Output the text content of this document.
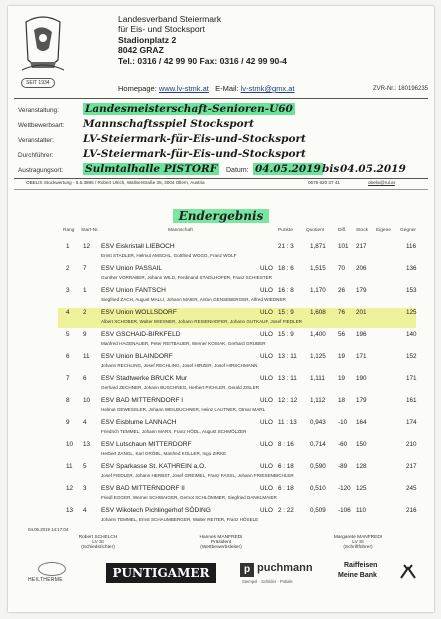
SEIT 1934
Landesverband Steiermark
für Eis- und Stocksport
Stadionplatz 2
8042 GRAZ
Tel.: 0316 / 42 99 90 Fax: 0316 / 42 99 90-4
Homepage: www.lv-stmk.at E-Mail: lv-stmk@gmx.at	ZVR-Nr.: 180196235
Veranstaltung: Landesmeisterschaft-Senioren-U60
Wettbewerbsart: Mannschaftsspiel Stocksport
Veranstalter:	LV-Steiermark-für-Eis-und-Stocksport
Durchführer:	LV-Steiermark-für-Eis-und-Stocksport
Austragungsort: Sulmtalhalle PISTORF Datum: 04.05.2019 bis 04.05.2019
OBELIX Stockwertung - 5.5.3895 / Robert Ulrich, Wallnerstraße 35, 3004 Ollern, Austria	0676 620 37 41	obelix@rul.at
Endergebnis
Rang Start-Nr.	Mannschaft	Punkte	Quotient	Diff. Stock Eigene Gegner
1 12 ESV Eiskristall LIEBOCH	21 : 3	1,871 101 217	116
Ernst STADLER, Helmut AMSCHL, Gottfried WOGG, Franz WOLF
2 7 ESV Union PASSAIL	ULO 18 : 6	1,515 70 206	136
Gunther VORRABER, Johann WILD, Ferdinand STADLHOFER, Franz SCHIESTER
3 1 ESV Union FANTSCH	ULO 16 : 8	1,170 26 179	153
Siegfried ZACH, August MALLI, Johann MAIER, Anton GENSEBERGER, Alfred WIEDNER
4 2 ESV Union WOLLSDORF	ULO 15 : 9	1,608 76 201	125
Albert SCHOBER, Walter WIESNER, Johann REISENHOFER, Johann GUTKAUF, Josef FIEDLER
5 9 ESV GSCHAID-BIRKFELD	ULO 15 : 9	1,400 56 196	140
Manfred HAGENAUER, Peter REITBAUER, Werner KOSIAK, Gerhard GRUBER
6 11 ESV Union BLAINDORF	ULO 13 : 11 1,125 19 171	152
Johann RECHLING, Josef RECHLING, Josef HIRZER, Josef HIRSCHMANN
7 6 ESV Stadtwerke BRUCK Mur	ULO 13 : 11 1,111 19 190	171
Gerhard ZECHNER, Johann BUSCHNEG, Herbert PICHLER, Gerald ZISLER
8 10 ESV BAD MITTERNDORF I	ULO 12 : 12 1,112 18 179	161
Helmut GEWESSLER, Johann WEILBUCHNER, Heinz LAUTNER, Otmar MARL
9 4 ESV Eisblume LANNACH	ULO 11 : 13 0,943 -10 164	174
Friedrich TEMMEL, Johann MARX, Franz HÖDL, August SCHMÖLZER
10 13 ESV Lutschaun MITTERDORF	ULO 8 : 16	0,714 -60 150	210
Herbert ZANGL, Karl GRÖBL, Manfred KOLLER, Ingo ZIRKE
11 5 ESV Sparkasse St. KATHREIN a.O.	ULO 6 : 18	0,590 -89 128	217
Josef FIEDLER, Johann HERBST, Josef GREIMEL, Franz FASSL, Johann FRIESENBICHLER
12 3 ESV BAD MITTERNDORF II	ULO 6 : 18	0,510 -120 125	245
Friedl EGGER, Werner SCHWAIGER, Gernot SCHLÖMMER, Siegfried DANKLMAIER
13 4 ESV Wikotech Pichlingerhof SÖDING	ULO 2 : 22	0,509 -106 110	216
Johann TEMMEL, Ernst SCHAUMBERGER, Walter REITER, Franz HÖSELE
04.05.2019 14:17:04
Robert SCHELCH
LV St
(Schiedsrichter)
Hannes MANFREDI
Präsident
(Wettbewerbsleiter)
Margarete MANFREDI
LV St
(Schriftführer)
HEILTHERME	PUNTIGAMER	p puchmann
Stempel · Schilder · Pokale
Raiffeisen
Meine Bank
